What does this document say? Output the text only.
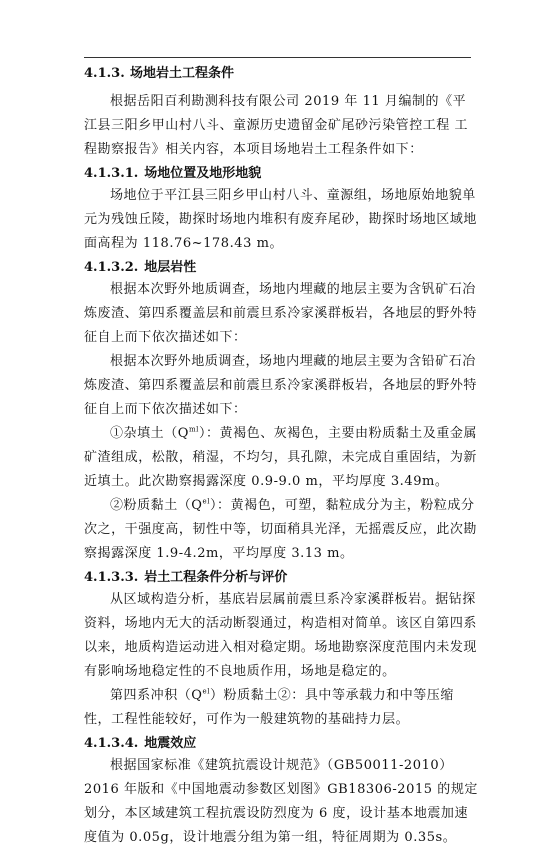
4.1.3. 场地岩土工程条件

根据岳阳百利勘测科技有限公司 2019 年 11 月编制的《平江县三阳乡甲山村八斗、童源历史遗留金矿尾砂污染管控工程 工程勘察报告》相关内容，本项目场地岩土工程条件如下：

4.1.3.1. 场地位置及地形地貌

场地位于平江县三阳乡甲山村八斗、童源组，场地原始地貌单元为残蚀丘陵，勘探时场地内堆积有废弃尾砂，勘探时场地区域地面高程为 118.76~178.43 m。

4.1.3.2. 地层岩性

根据本次野外地质调查，场地内埋藏的地层主要为含钒矿石冶炼废渣、第四系覆盖层和前震旦系冷家溪群板岩，各地层的野外特征自上而下依次描述如下：

根据本次野外地质调查，场地内埋藏的地层主要为含铅矿石冶炼废渣、第四系覆盖层和前震旦系冷家溪群板岩，各地层的野外特征自上而下依次描述如下：

①杂填土$(Q^{ml})$：黄褐色、灰褐色，主要由粉质黏土及重金属矿渣组成，松散，稍湿，不均匀，具孔隙，未完成自重固结，为新近填土。此次勘察揭露深度 0.9-9.0 m，平均厚度 3.49m。

②粉质黏土$(Q^{el})$：黄褐色，可塑，黏粒成分为主，粉粒成分次之，干强度高，韧性中等，切面稍具光泽，无摇震反应，此次勘察揭露深度 1.9-4.2m，平均厚度 3.13 m。

4.1.3.3. 岩土工程条件分析与评价

从区域构造分析，基底岩层属前震旦系冷家溪群板岩。据钻探资料，场地内无大的活动断裂通过，构造相对简单。该区自第四系以来，地质构造运动进入相对稳定期。场地勘察深度范围内未发现有影响场地稳定性的不良地质作用，场地是稳定的。

第四系冲积$(Q^{el})$粉质黏土②：具中等承载力和中等压缩性，工程性能较好，可作为一般建筑物的基础持力层。

4.1.3.4. 地震效应

根据国家标准《建筑抗震设计规范》（GB50011-2010）2016 年版和《中国地震动参数区划图》GB18306-2015 的规定划分，本区域建筑工程抗震设防烈度为 6 度，设计基本地震加速度值为 0.05g，设计地震分组为第一组，特征周期为 0.35s。
